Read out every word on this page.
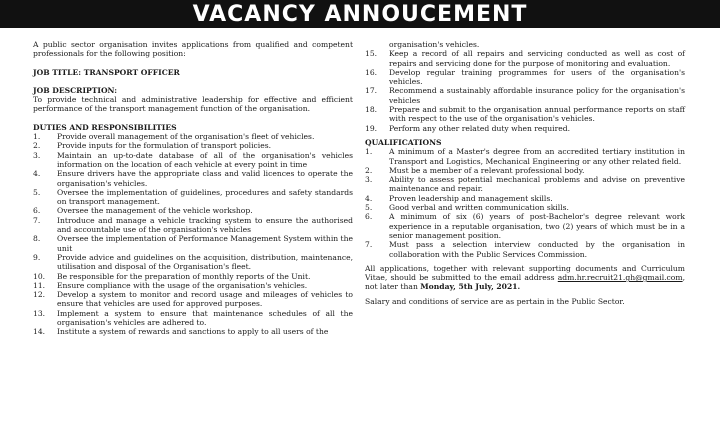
VACANCY ANNOUCEMENT

A public sector organisation invites applications from qualified and competent professionals for the following position:

JOB TITLE: TRANSPORT OFFICER

JOB DESCRIPTION:

To provide technical and administrative leadership for effective and efficient performance of the transport management function of the organisation.

DUTIES AND RESPONSIBILITIES

1.	Provide overall management of the organisation's fleet of vehicles.
2.	Provide inputs for the formulation of transport policies.
3.	Maintain an up-to-date database of all of the organisation's vehicles information on the location of each vehicle at every point in time
4.	Ensure drivers have the appropriate class and valid licences to operate the organisation's vehicles.
5.	Oversee the implementation of guidelines, procedures and safety standards on transport management.
6.	Oversee the management of the vehicle workshop.
7.	Introduce and manage a vehicle tracking system to ensure the authorised and accountable use of the organisation's vehicles
8.	Oversee the implementation of Performance Management System within the unit
9.	Provide advice and guidelines on the acquisition, distribution, maintenance, utilisation and disposal of the Organisation's fleet.
10.	Be responsible for the preparation of monthly reports of the Unit.
11.	Ensure compliance with the usage of the organisation's vehicles.
12.	Develop a system to monitor and record usage and mileages of vehicles to ensure that vehicles are used for approved purposes.
13.	Implement a system to ensure that maintenance schedules of all the organisation's vehicles are adhered to.
14.	Institute a system of rewards and sanctions to apply to all users of the
organisation's vehicles.
15.	Keep a record of all repairs and servicing conducted as well as cost of repairs and servicing done for the purpose of monitoring and evaluation.
16.	Develop regular training programmes for users of the organisation's vehicles.
17.	Recommend a sustainably affordable insurance policy for the organisation's vehicles
18.	Prepare and submit to the organisation annual performance reports on staff with respect to the use of the organisation's vehicles.
19.	Perform any other related duty when required.

QUALIFICATIONS

1.	A minimum of a Master's degree from an accredited tertiary institution in Transport and Logistics, Mechanical Engineering or any other related field.
2.	Must be a member of a relevant professional body.
3.	Ability to assess potential mechanical problems and advise on preventive maintenance and repair.
4.	Proven leadership and management skills.
5.	Good verbal and written communication skills.
6.	A minimum of six (6) years of post-Bachelor's degree relevant work experience in a reputable organisation, two (2) years of which must be in a senior management position.
7.	Must pass a selection interview conducted by the organisation in collaboration with the Public Services Commission.

All applications, together with relevant supporting documents and Curriculum Vitae, should be submitted to the email address adm.hr.recruit21.gh@gmail.com, not later than Monday, 5th July, 2021.

Salary and conditions of service are as pertain in the Public Sector.
